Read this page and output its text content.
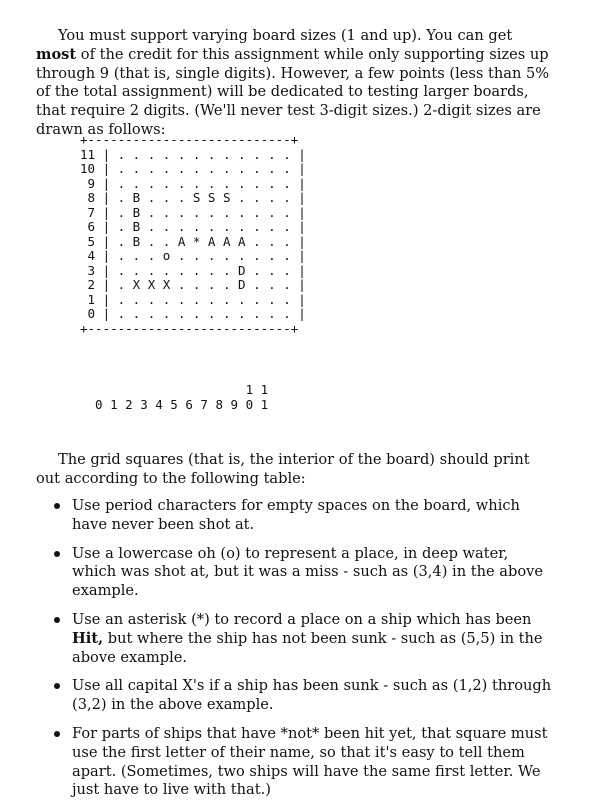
You must support varying board sizes (1 and up). You can get most of the credit for this assignment while only supporting sizes up through 9 (that is, single digits). However, a few points (less than 5% of the total assignment) will be dedicated to testing larger boards, that require 2 digits. (We'll never test 3-digit sizes.) 2-digit sizes are drawn as follows:

+---------------------------+
11 | . . . . . . . . . . . . |
10 | . . . . . . . . . . . . |
9 | . . . . . . . . . . . . |
8 | . B . . . S S S . . . . |
7 | . B . . . . . . . . . . |
6 | . B . . . . . . . . . . |
5 | . B . . A * A A A . . . |
4 | . . . o . . . . . . . . |
3 | . . . . . . . . D . . . |
2 | . X X X . . . . D . . . |
1 | . . . . . . . . . . . . |
0 | . . . . . . . . . . . . |
+---------------------------+
1 1
0 1 2 3 4 5 6 7 8 9 0 1

The grid squares (that is, the interior of the board) should print out according to the following table:

Use period characters for empty spaces on the board, which have never been shot at.
Use a lowercase oh (o) to represent a place, in deep water, which was shot at, but it was a miss - such as (3,4) in the above example.
Use an asterisk (*) to record a place on a ship which has been Hit, but where the ship has not been sunk - such as (5,5) in the above example.
Use all capital X's if a ship has been sunk - such as (1,2) through (3,2) in the above example.
For parts of ships that have *not* been hit yet, that square must use the first letter of their name, so that it's easy to tell them apart. (Sometimes, two ships will have the same first letter. We just have to live with that.)
